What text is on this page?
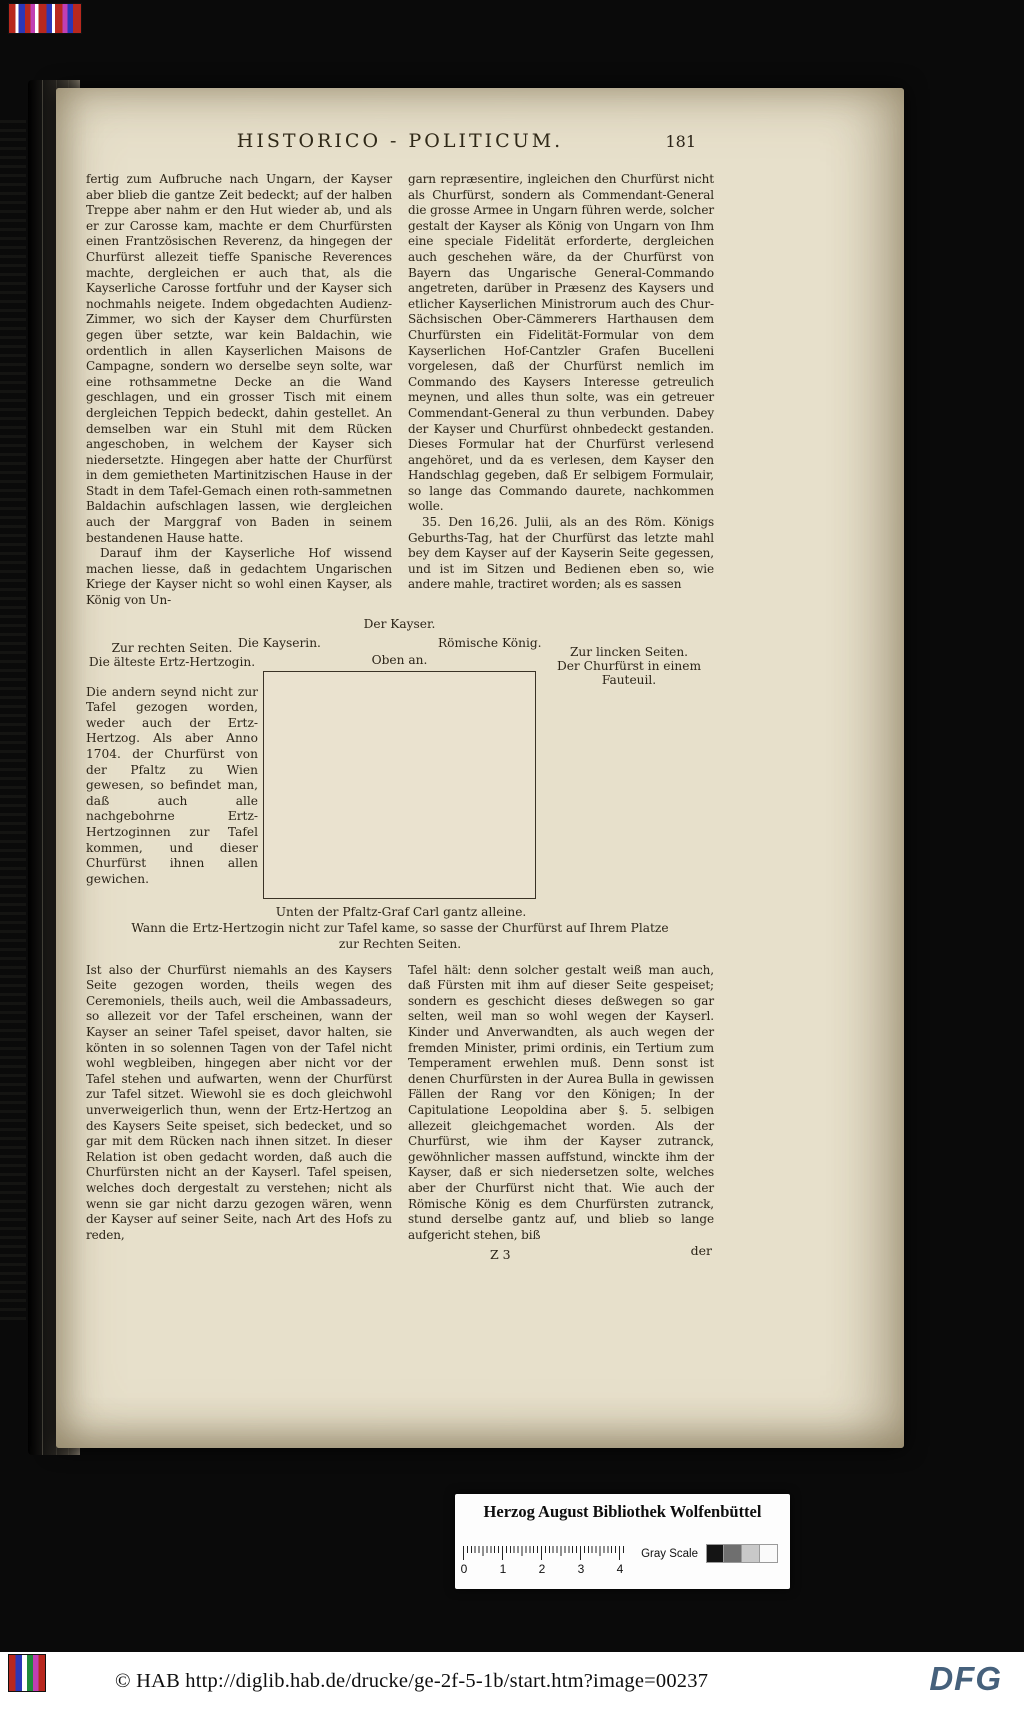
HISTORICO - POLITICUM.	181

fertig zum Aufbruche nach Ungarn, der Kayser aber blieb die gantze Zeit bedeckt; auf der halben Treppe aber nahm er den Hut wieder ab, und als er zur Carosse kam, machte er dem Churfürsten einen Frantzösischen Reverenz, da hingegen der Churfürst allezeit tieffe Spanische Reverences machte, dergleichen er auch that, als die Kayserliche Carosse fortfuhr und der Kayser sich nochmahls neigete. Indem obgedachten Audienz-Zimmer, wo sich der Kayser dem Churfürsten gegen über setzte, war kein Baldachin, wie ordentlich in allen Kayserlichen Maisons de Campagne, sondern wo derselbe seyn solte, war eine rothsammetne Decke an die Wand geschlagen, und ein grosser Tisch mit einem dergleichen Teppich bedeckt, dahin gestellet. An demselben war ein Stuhl mit dem Rücken angeschoben, in welchem der Kayser sich niedersetzte. Hingegen aber hatte der Churfürst in dem gemietheten Martinitzischen Hause in der Stadt in dem Tafel-Gemach einen roth-sammetnen Baldachin aufschlagen lassen, wie dergleichen auch der Marggraf von Baden in seinem bestandenen Hause hatte.

Darauf ihm der Kayserliche Hof wissend machen liesse, daß in gedachtem Ungarischen Kriege der Kayser nicht so wohl einen Kayser, als König von Un-

garn repræsentire, ingleichen den Churfürst nicht als Churfürst, sondern als Commendant-General die grosse Armee in Ungarn führen werde, solcher gestalt der Kayser als König von Ungarn von Ihm eine speciale Fidelität erforderte, dergleichen auch geschehen wäre, da der Churfürst von Bayern das Ungarische General-Commando angetreten, darüber in Præsenz des Kaysers und etlicher Kayserlichen Ministrorum auch des Chur-Sächsischen Ober-Cämmerers Harthausen dem Churfürsten ein Fidelität-Formular von dem Kayserlichen Hof-Cantzler Grafen Bucelleni vorgelesen, daß der Churfürst nemlich im Commando des Kaysers Interesse getreulich meynen, und alles thun solte, was ein getreuer Commendant-General zu thun verbunden. Dabey der Kayser und Churfürst ohnbedeckt gestanden. Dieses Formular hat der Churfürst verlesend angehöret, und da es verlesen, dem Kayser den Handschlag gegeben, daß Er selbigem Formulair, so lange das Commando daurete, nachkommen wolle.

35. Den 16,26. Julii, als an des Röm. Königs Geburths-Tag, hat der Churfürst das letzte mahl bey dem Kayser auf der Kayserin Seite gegessen, und ist im Sitzen und Bedienen eben so, wie andere mahle, tractiret worden; als es sassen

Der Kayser.
Die Kayserin.	Römische König.
Oben an.
Zur rechten Seiten.
Die älteste Ertz-Hertzogin.
Die andern seynd nicht zur Tafel gezogen worden, weder auch der Ertz-Hertzog. Als aber Anno 1704. der Churfürst von der Pfaltz zu Wien gewesen, so befindet man, daß auch alle nachgebohrne Ertz-Hertzoginnen zur Tafel kommen, und dieser Churfürst ihnen allen gewichen.
Zur lincken Seiten.
Der Churfürst in einem
Fauteuil.
Unten der Pfaltz-Graf Carl gantz alleine.
Wann die Ertz-Hertzogin nicht zur Tafel kame, so sasse der Churfürst auf Ihrem Platze
zur Rechten Seiten.

Ist also der Churfürst niemahls an des Kaysers Seite gezogen worden, theils wegen des Ceremoniels, theils auch, weil die Ambassadeurs, so allezeit vor der Tafel erscheinen, wann der Kayser an seiner Tafel speiset, davor halten, sie könten in so solennen Tagen von der Tafel nicht wohl wegbleiben, hingegen aber nicht vor der Tafel stehen und aufwarten, wenn der Churfürst zur Tafel sitzet. Wiewohl sie es doch gleichwohl unverweigerlich thun, wenn der Ertz-Hertzog an des Kaysers Seite speiset, sich bedecket, und so gar mit dem Rücken nach ihnen sitzet. In dieser Relation ist oben gedacht worden, daß auch die Churfürsten nicht an der Kayserl. Tafel speisen, welches doch dergestalt zu verstehen; nicht als wenn sie gar nicht darzu gezogen wären, wenn der Kayser auf seiner Seite, nach Art des Hofs zu reden,

Tafel hält: denn solcher gestalt weiß man auch, daß Fürsten mit ihm auf dieser Seite gespeiset; sondern es geschicht dieses deßwegen so gar selten, weil man so wohl wegen der Kayserl. Kinder und Anverwandten, als auch wegen der fremden Minister, primi ordinis, ein Tertium zum Temperament erwehlen muß. Denn sonst ist denen Churfürsten in der Aurea Bulla in gewissen Fällen der Rang vor den Königen; In der Capitulatione Leopoldina aber §. 5. selbigen allezeit gleichgemachet worden. Als der Churfürst, wie ihm der Kayser zutranck, gewöhnlicher massen auffstund, winckte ihm der Kayser, daß er sich niedersetzen solte, welches aber der Churfürst nicht that. Wie auch der Römische König es dem Churfürsten zutranck, stund derselbe gantz auf, und blieb so lange aufgericht stehen, biß

Z 3	der
Herzog August Bibliothek Wolfenbüttel
0	1	2	3	4
Gray Scale
© HAB http://diglib.hab.de/drucke/ge-2f-5-1b/start.htm?image=00237	DFG
